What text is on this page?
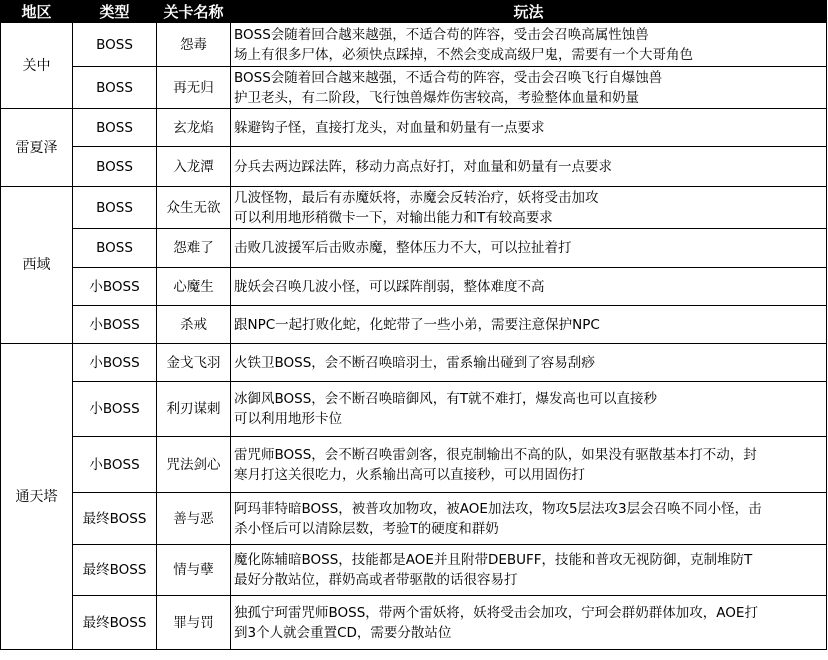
地区	类型	关卡名称	玩法
关中	BOSS	怨毒	BOSS会随着回合越来越强，不适合苟的阵容，受击会召唤高属性蚀兽
场上有很多尸体，必须快点踩掉，不然会变成高级尸鬼，需要有一个大哥角色

	BOSS	再无归	BOSS会随着回合越来越强，不适合苟的阵容，受击会召唤飞行自爆蚀兽
护卫老头，有二阶段，飞行蚀兽爆炸伤害较高，考验整体血量和奶量

雷夏泽	BOSS	玄龙焰	躲避钩子怪，直接打龙头，对血量和奶量有一点要求

	BOSS	入龙潭	分兵去两边踩法阵，移动力高点好打，对血量和奶量有一点要求

西域	BOSS	众生无欲	几波怪物，最后有赤魔妖将，赤魔会反转治疗，妖将受击加攻
可以利用地形稍微卡一下，对输出能力和T有较高要求

	BOSS	怨难了	击败几波援军后击败赤魔，整体压力不大，可以拉扯着打

	小BOSS	心魔生	胧妖会召唤几波小怪，可以踩阵削弱，整体难度不高

	小BOSS	杀戒	跟NPC一起打败化蛇，化蛇带了一些小弟，需要注意保护NPC

通天塔	小BOSS	金戈飞羽	火铁卫BOSS，会不断召唤暗羽士，雷系输出碰到了容易刮痧

	小BOSS	利刃谋刺	冰御风BOSS，会不断召唤暗御风，有T就不难打，爆发高也可以直接秒
可以利用地形卡位

	小BOSS	咒法剑心	雷咒师BOSS，会不断召唤雷剑客，很克制输出不高的队，如果没有驱散基本打不动，封
寒月打这关很吃力，火系输出高可以直接秒，可以用固伤打

	最终BOSS	善与恶	阿玛菲特暗BOSS，被普攻加物攻，被AOE加法攻，物攻5层法攻3层会召唤不同小怪，击
杀小怪后可以清除层数，考验T的硬度和群奶

	最终BOSS	情与孽	魔化陈辅暗BOSS，技能都是AOE并且附带DEBUFF，技能和普攻无视防御，克制堆防T
最好分散站位，群奶高或者带驱散的话很容易打

	最终BOSS	罪与罚	独孤宁珂雷咒师BOSS，带两个雷妖将，妖将受击会加攻，宁珂会群奶群体加攻，AOE打
到3个人就会重置CD，需要分散站位
